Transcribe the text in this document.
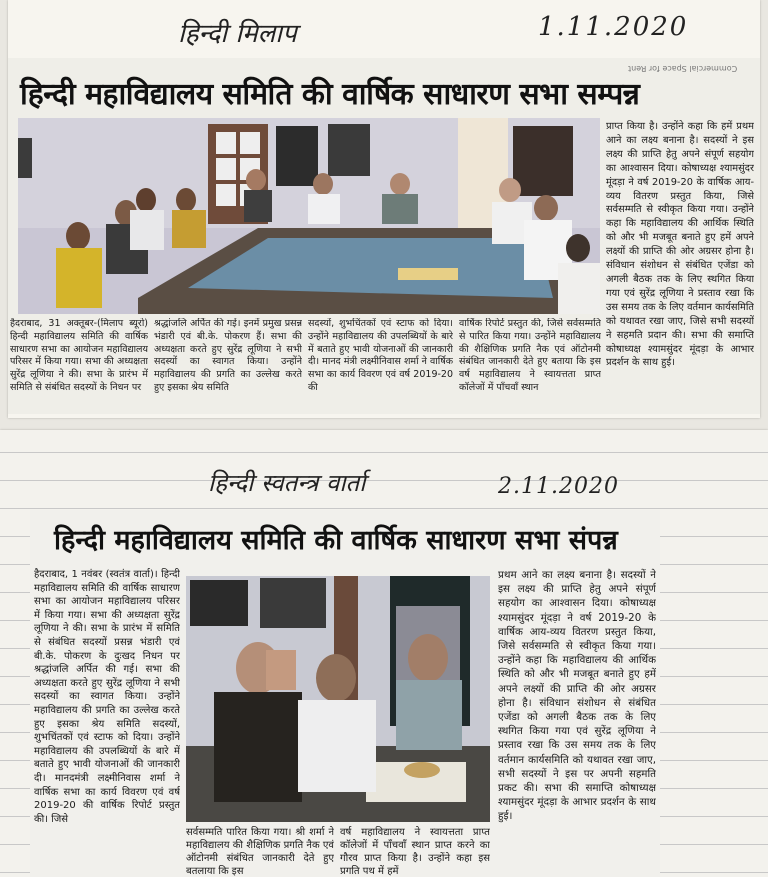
हिन्दी मिलाप	1.11.2020
Commercial Space for Rent
हिन्दी महाविद्यालय समिति की वार्षिक साधारण सभा सम्पन्न
प्राप्त किया है। उन्होंने कहा कि हमें प्रथम आने का लक्ष्य बनाना है। सदस्यों ने इस लक्ष्य की प्राप्ति हेतु अपने संपूर्ण सहयोग का आश्वासन दिया। कोषाध्यक्ष श्यामसुंदर मूंदड़ा ने वर्ष 2019-20 के वार्षिक आय-व्यय वितरण प्रस्तुत किया, जिसे सर्वसम्मति से स्वीकृत किया गया। उन्होंने कहा कि महाविद्यालय की आर्थिक स्थिति को और भी मजबूत बनाते हुए हमें अपने लक्ष्यों की प्राप्ति की ओर अग्रसर होना है। संविधान संशोधन से संबंधित एजेंडा को अगली बैठक तक के लिए स्थगित किया गया एवं सुरेंद्र लूणिया ने प्रस्ताव रखा कि उस समय तक के लिए वर्तमान कार्यसमिति को यथावत रखा जाए, जिसे सभी सदस्यों ने सहमति प्रदान की। सभा की समाप्ति कोषाध्यक्ष श्यामसुंदर मूंदड़ा के आभार प्रदर्शन के साथ हुई।
हैदराबाद, 31 अक्तूबर-(मिलाप ब्यूरो) हिन्दी महाविद्यालय समिति की वार्षिक साधारण सभा का आयोजन महाविद्यालय परिसर में किया गया। सभा की अध्यक्षता सुरेंद्र लूणिया ने की। सभा के प्रारंभ में समिति से संबंधित सदस्यों के निधन पर
श्रद्धांजलि अर्पित की गई। इनमें प्रमुख प्रसन्न भंडारी एवं बी.के. पोकरण हैं। सभा की अध्यक्षता करते हुए सुरेंद्र लूणिया ने सभी सदस्यों का स्वागत किया। उन्होंने महाविद्यालय की प्रगति का उल्लेख करते हुए इसका श्रेय समिति
सदस्यों, शुभचिंतकों एवं स्टाफ को दिया। उन्होंने महाविद्यालय की उपलब्धियों के बारे में बताते हुए भावी योजनाओं की जानकारी दी। मानद मंत्री लक्ष्मीनिवास शर्मा ने वार्षिक सभा का कार्य विवरण एवं वर्ष 2019-20 की
वार्षिक रिपोर्ट प्रस्तुत की, जिसे सर्वसम्मति से पारित किया गया। उन्होंने महाविद्यालय की शैक्षिणिक प्रगति नैक एवं ऑटोनमी संबंधित जानकारी देते हुए बताया कि इस वर्ष महाविद्यालय ने स्वायत्तता प्राप्त कॉलेजों में पाँचवाँ स्थान
हिन्दी स्वतन्त्र वार्ता	2.11.2020
हिन्दी महाविद्यालय समिति की वार्षिक साधारण सभा संपन्न
हैदराबाद, 1 नवंबर (स्वतंत्र वार्ता)। हिन्दी महाविद्यालय समिति की वार्षिक साधारण सभा का आयोजन महाविद्यालय परिसर में किया गया। सभा की अध्यक्षता सुरेंद्र लूणिया ने की। सभा के प्रारंभ में समिति से संबंधित सदस्यों प्रसन्न भंडारी एवं बी.के. पोकरण के दुःखद निधन पर श्रद्धांजलि अर्पित की गई। सभा की अध्यक्षता करते हुए सुरेंद्र लूणिया ने सभी सदस्यों का स्वागत किया। उन्होंने महाविद्यालय की प्रगति का उल्लेख करते हुए इसका श्रेय समिति सदस्यों, शुभचिंतकों एवं स्टाफ को दिया। उन्होंने महाविद्यालय की उपलब्धियों के बारे में बताते हुए भावी योजनाओं की जानकारी दी। मानदमंत्री लक्ष्मीनिवास शर्मा ने वार्षिक सभा का कार्य विवरण एवं वर्ष 2019-20 की वार्षिक रिपोर्ट प्रस्तुत की। जिसे
सर्वसम्मति पारित किया गया। श्री शर्मा ने महाविद्यालय की शैक्षिणिक प्रगति नैक एवं ऑटोनमी संबंधित जानकारी देते हुए बतलाया कि इस
वर्ष महाविद्यालय ने स्वायत्तता प्राप्त कॉलेजों में पाँचवाँ स्थान प्राप्त करने का गौरव प्राप्त किया है। उन्होंने कहा इस प्रगति पथ में हमें
प्रथम आने का लक्ष्य बनाना है। सदस्यों ने इस लक्ष्य की प्राप्ति हेतु अपने संपूर्ण सहयोग का आश्वासन दिया। कोषाध्यक्ष श्यामसुंदर मूंदड़ा ने वर्ष 2019-20 के वार्षिक आय-व्यय वितरण प्रस्तुत किया, जिसे सर्वसम्मति से स्वीकृत किया गया। उन्होंने कहा कि महाविद्यालय की आर्थिक स्थिति को और भी मजबूत बनाते हुए हमें अपने लक्ष्यों की प्राप्ति की ओर अग्रसर होना है। संविधान संशोधन से संबंधित एजेंडा को अगली बैठक तक के लिए स्थगित किया गया एवं सुरेंद्र लूणिया ने प्रस्ताव रखा कि उस समय तक के लिए वर्तमान कार्यसमिति को यथावत रखा जाए, सभी सदस्यों ने इस पर अपनी सहमति प्रकट की। सभा की समाप्ति कोषाध्यक्ष श्यामसुंदर मूंदड़ा के आभार प्रदर्शन के साथ हुई।
